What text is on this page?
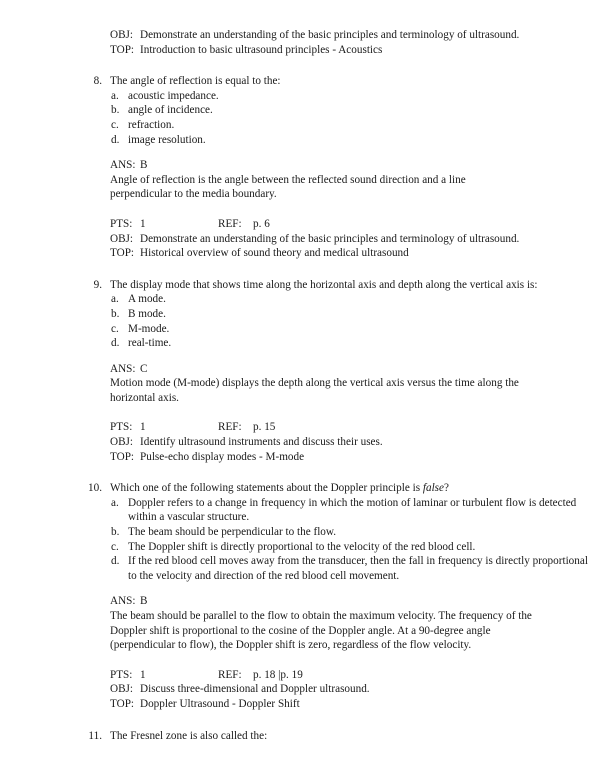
OBJ: Demonstrate an understanding of the basic principles and terminology of ultrasound.
TOP: Introduction to basic ultrasound principles - Acoustics
8. The angle of reflection is equal to the:
a. acoustic impedance.
b. angle of incidence.
c. refraction.
d. image resolution.
ANS: B
Angle of reflection is the angle between the reflected sound direction and a line perpendicular to the media boundary.
PTS: 1	REF: p. 6
OBJ: Demonstrate an understanding of the basic principles and terminology of ultrasound.
TOP: Historical overview of sound theory and medical ultrasound
9. The display mode that shows time along the horizontal axis and depth along the vertical axis is:
a. A mode.
b. B mode.
c. M-mode.
d. real-time.
ANS: C
Motion mode (M-mode) displays the depth along the vertical axis versus the time along the horizontal axis.
PTS: 1	REF: p. 15
OBJ: Identify ultrasound instruments and discuss their uses.
TOP: Pulse-echo display modes - M-mode
10. Which one of the following statements about the Doppler principle is false?
a. Doppler refers to a change in frequency in which the motion of laminar or turbulent flow is detected within a vascular structure.
b. The beam should be perpendicular to the flow.
c. The Doppler shift is directly proportional to the velocity of the red blood cell.
d. If the red blood cell moves away from the transducer, then the fall in frequency is directly proportional to the velocity and direction of the red blood cell movement.
ANS: B
The beam should be parallel to the flow to obtain the maximum velocity. The frequency of the Doppler shift is proportional to the cosine of the Doppler angle. At a 90-degree angle (perpendicular to flow), the Doppler shift is zero, regardless of the flow velocity.
PTS: 1	REF: p. 18 |p. 19
OBJ: Discuss three-dimensional and Doppler ultrasound.
TOP: Doppler Ultrasound - Doppler Shift
11. The Fresnel zone is also called the:
